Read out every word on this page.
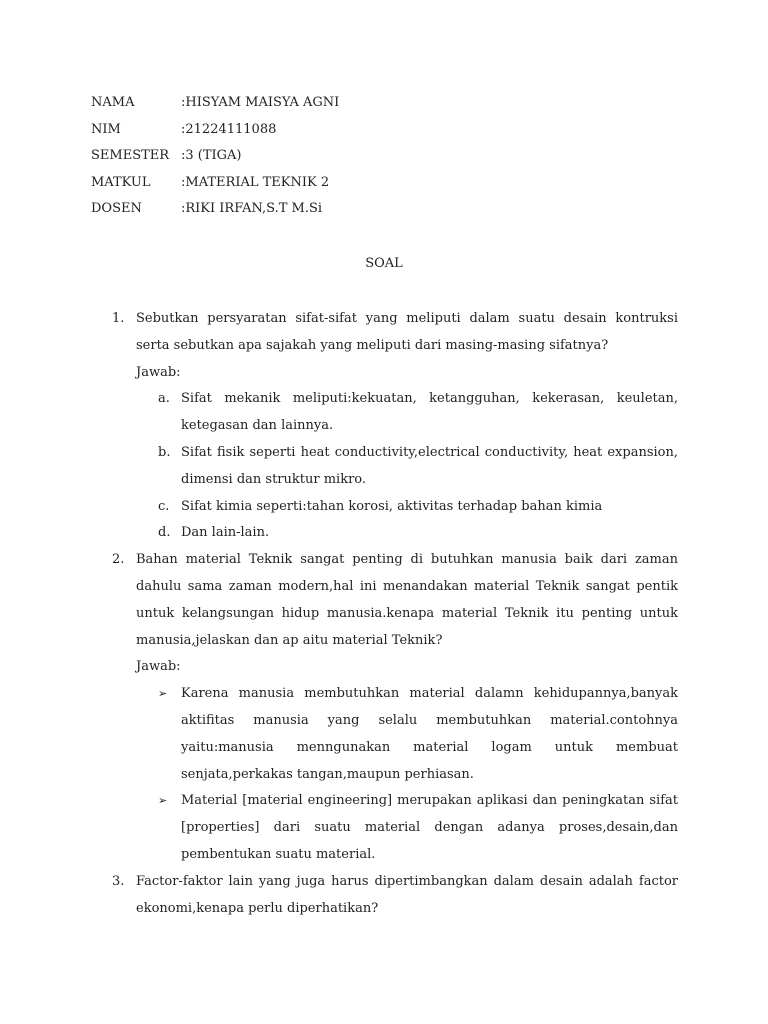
NAMA	:HISYAM MAISYA AGNI
NIM	:21224111088
SEMESTER :3 (TIGA)
MATKUL :MATERIAL TEKNIK 2
DOSEN	:RIKI IRFAN,S.T M.Si
SOAL
1. Sebutkan persyaratan sifat-sifat yang meliputi dalam suatu desain kontruksi serta sebutkan apa sajakah yang meliputi dari masing-masing sifatnya?
Jawab:
a. Sifat mekanik meliputi:kekuatan, ketangguhan, kekerasan, keuletan, ketegasan dan lainnya.
b. Sifat fisik seperti heat conductivity,electrical conductivity, heat expansion, dimensi dan struktur mikro.
c. Sifat kimia seperti:tahan korosi, aktivitas terhadap bahan kimia
d. Dan lain-lain.
2. Bahan material Teknik sangat penting di butuhkan manusia baik dari zaman dahulu sama zaman modern,hal ini menandakan material Teknik sangat pentik untuk kelangsungan hidup manusia.kenapa material Teknik itu penting untuk manusia,jelaskan dan ap aitu material Teknik?
Jawab:
➢	Karena manusia membutuhkan material dalamn kehidupannya,banyak aktifitas manusia yang selalu membutuhkan material.contohnya yaitu:manusia menngunakan material logam untuk membuat senjata,perkakas tangan,maupun perhiasan.
➢	Material [material engineering] merupakan aplikasi dan peningkatan sifat [properties] dari suatu material dengan adanya proses,desain,dan pembentukan suatu material.
3. Factor-faktor lain yang juga harus dipertimbangkan dalam desain adalah factor ekonomi,kenapa perlu diperhatikan?
